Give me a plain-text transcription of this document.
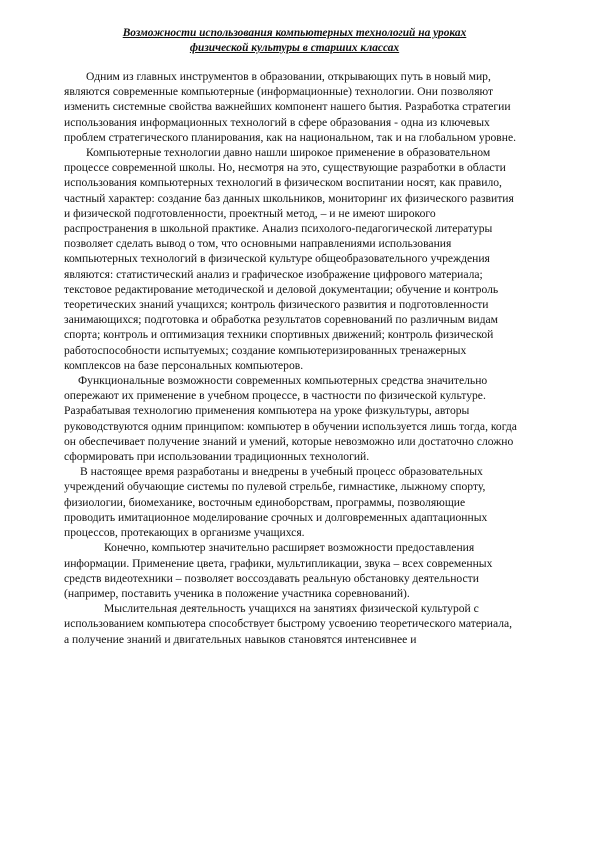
Возможности использования компьютерных технологий на уроках
физической культуры в старших классах

Одним из главных инструментов в образовании, открывающих путь в новый мир, являются современные компьютерные (информационные) технологии. Они позволяют изменить системные свойства важнейших компонент нашего бытия. Разработка стратегии использования информационных технологий в сфере образования - одна из ключевых проблем стратегического планирования, как на национальном, так и на глобальном уровне.

Компьютерные технологии давно нашли широкое применение в образовательном процессе современной школы. Но, несмотря на это, существующие разработки в области использования компьютерных технологий в физическом воспитании носят, как правило, частный характер: создание баз данных школьников, мониторинг их физического развития и физической подготовленности, проектный метод, – и не имеют широкого распространения в школьной практике. Анализ психолого-педагогической литературы позволяет сделать вывод о том, что основными направлениями использования компьютерных технологий в физической культуре общеобразовательного учреждения являются: статистический анализ и графическое изображение цифрового материала; текстовое редактирование методической и деловой документации; обучение и контроль теоретических знаний учащихся; контроль физического развития и подготовленности занимающихся; подготовка и обработка результатов соревнований по различным видам спорта; контроль и оптимизация техники спортивных движений; контроль физической работоспособности испытуемых; создание компьютеризированных тренажерных комплексов на базе персональных компьютеров.

Функциональные возможности современных компьютерных средства значительно опережают их применение в учебном процессе, в частности по физической культуре. Разрабатывая технологию применения компьютера на уроке физкультуры, авторы руководствуются одним принципом: компьютер в обучении используется лишь тогда, когда он обеспечивает получение знаний и умений, которые невозможно или достаточно сложно сформировать при использовании традиционных технологий.

В настоящее время разработаны и внедрены в учебный процесс образовательных учреждений обучающие системы по пулевой стрельбе, гимнастике, лыжному спорту, физиологии, биомеханике, восточным единоборствам, программы, позволяющие проводить имитационное моделирование срочных и долговременных адаптационных процессов, протекающих в организме учащихся.

Конечно, компьютер значительно расширяет возможности предоставления информации. Применение цвета, графики, мультипликации, звука – всех современных средств видеотехники – позволяет воссоздавать реальную обстановку деятельности (например, поставить ученика в положение участника соревнований).

Мыслительная деятельность учащихся на занятиях физической культурой с использованием компьютера способствует быстрому усвоению теоретического материала, а получение знаний и двигательных навыков становятся интенсивнее и
